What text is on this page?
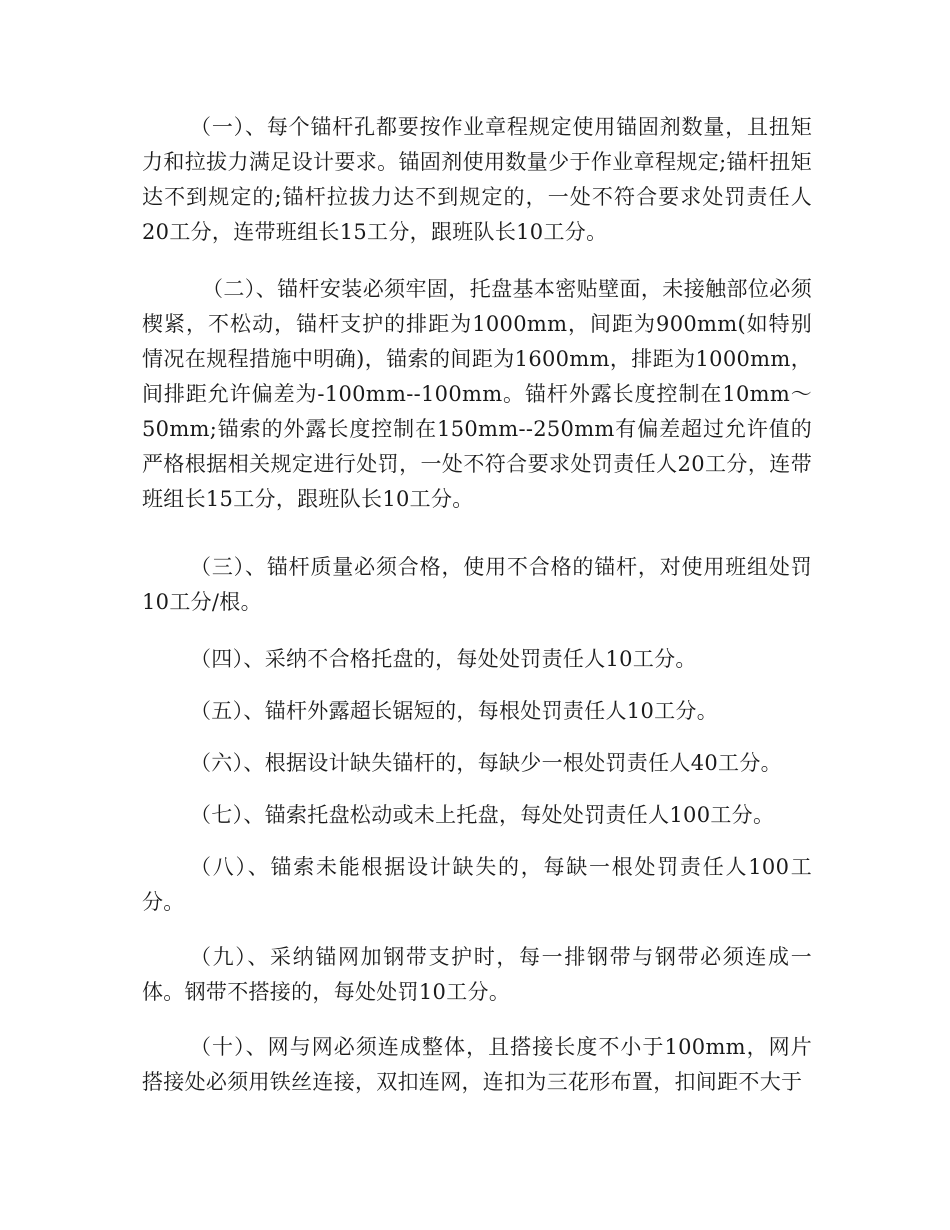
（一）、每个锚杆孔都要按作业章程规定使用锚固剂数量，且扭矩力和拉拔力满足设计要求。锚固剂使用数量少于作业章程规定;锚杆扭矩达不到规定的;锚杆拉拔力达不到规定的，一处不符合要求处罚责任人20工分，连带班组长15工分，跟班队长10工分。

（二）、锚杆安装必须牢固，托盘基本密贴壁面，未接触部位必须楔紧，不松动，锚杆支护的排距为1000mm，间距为900mm(如特别情况在规程措施中明确)，锚索的间距为1600mm，排距为1000mm，间排距允许偏差为-100mm--100mm。锚杆外露长度控制在10mm～50mm;锚索的外露长度控制在150mm--250mm有偏差超过允许值的严格根据相关规定进行处罚，一处不符合要求处罚责任人20工分，连带班组长15工分，跟班队长10工分。

（三）、锚杆质量必须合格，使用不合格的锚杆，对使用班组处罚10工分/根。

（四）、采纳不合格托盘的，每处处罚责任人10工分。

（五）、锚杆外露超长锯短的，每根处罚责任人10工分。

（六）、根据设计缺失锚杆的，每缺少一根处罚责任人40工分。

（七）、锚索托盘松动或未上托盘，每处处罚责任人100工分。

（八）、锚索未能根据设计缺失的，每缺一根处罚责任人100工分。

（九）、采纳锚网加钢带支护时，每一排钢带与钢带必须连成一体。钢带不搭接的，每处处罚10工分。

（十）、网与网必须连成整体，且搭接长度不小于100mm，网片搭接处必须用铁丝连接，双扣连网，连扣为三花形布置，扣间距不大于
